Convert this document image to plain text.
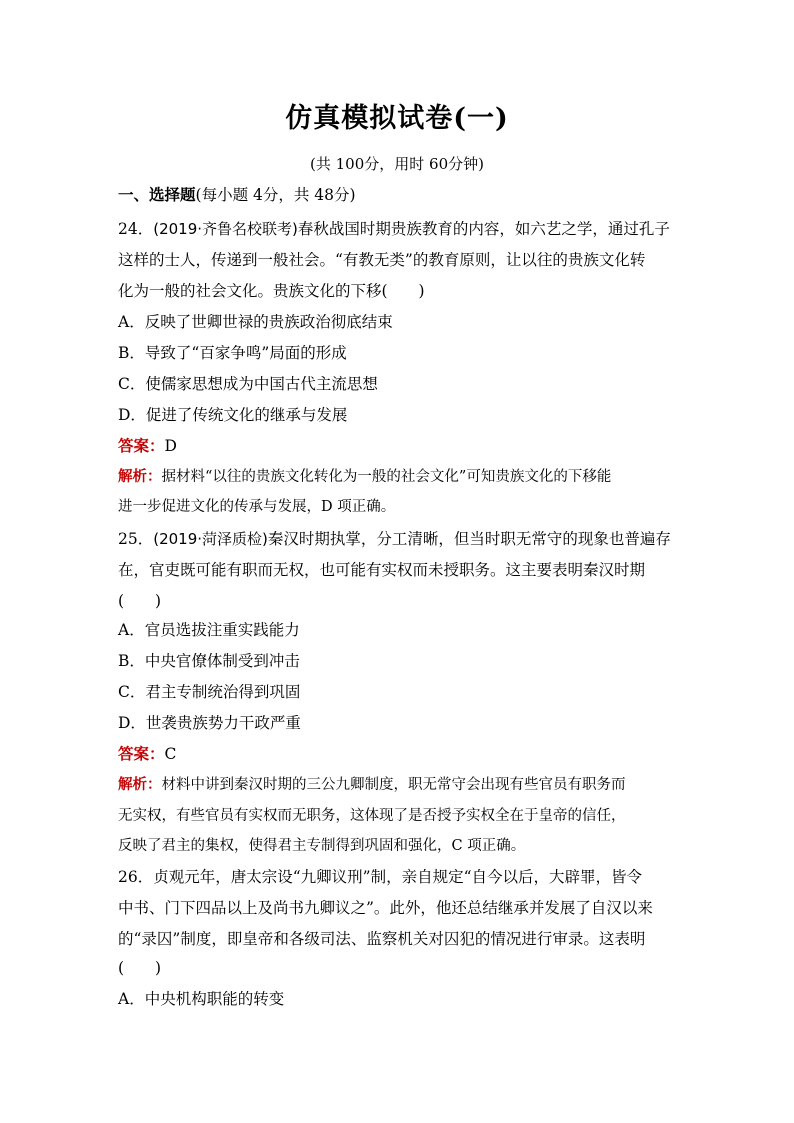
仿真模拟试卷(一)
(共 100分，用时 60分钟)
一、选择题(每小题 4分，共 48分)
24．(2019·齐鲁名校联考)春秋战国时期贵族教育的内容，如六艺之学，通过孔子
这样的士人，传递到一般社会。“有教无类”的教育原则，让以往的贵族文化转
化为一般的社会文化。贵族文化的下移(　　)
A．反映了世卿世禄的贵族政治彻底结束
B．导致了“百家争鸣”局面的形成
C．使儒家思想成为中国古代主流思想
D．促进了传统文化的继承与发展
答案：D
解析：据材料“以往的贵族文化转化为一般的社会文化”可知贵族文化的下移能
进一步促进文化的传承与发展，D 项正确。
25．(2019·菏泽质检)秦汉时期执掌，分工清晰，但当时职无常守的现象也普遍存
在，官吏既可能有职而无权，也可能有实权而未授职务。这主要表明秦汉时期
(　　)
A．官员选拔注重实践能力
B．中央官僚体制受到冲击
C．君主专制统治得到巩固
D．世袭贵族势力干政严重
答案：C
解析：材料中讲到秦汉时期的三公九卿制度，职无常守会出现有些官员有职务而
无实权，有些官员有实权而无职务，这体现了是否授予实权全在于皇帝的信任，
反映了君主的集权，使得君主专制得到巩固和强化，C 项正确。
26．贞观元年，唐太宗设“九卿议刑”制，亲自规定“自今以后，大辟罪，皆令
中书、门下四品以上及尚书九卿议之”。此外，他还总结继承并发展了自汉以来
的“录囚”制度，即皇帝和各级司法、监察机关对囚犯的情况进行审录。这表明
(　　)
A．中央机构职能的转变
